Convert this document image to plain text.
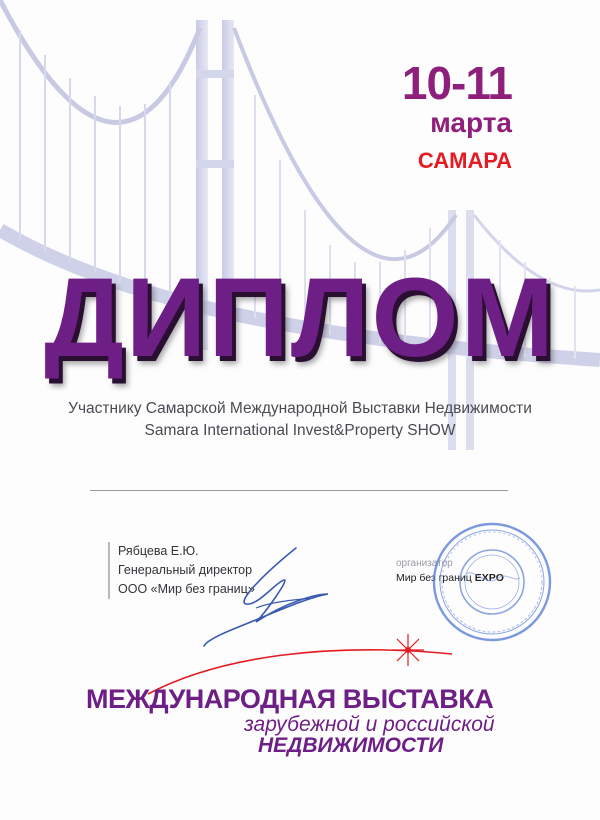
10-11
марта
САМАРА
ДИПЛОМ
Участнику Самарской Международной Выставки Недвижимости
Samara International Invest&Property SHOW
Рябцева Е.Ю.
Генеральный директор
ООО «Мир без границ»
организатор
Мир без границ EXPO
МЕЖДУНАРОДНАЯ ВЫСТАВКА
зарубежной и российской
НЕДВИЖИМОСТИ
